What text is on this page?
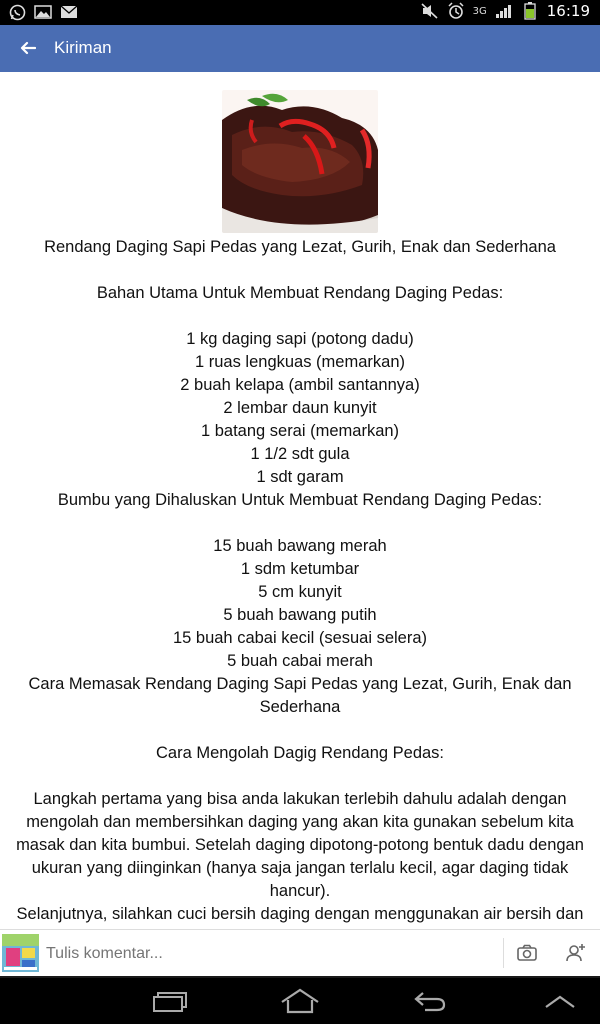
3G	16:19
Kiriman

Rendang Daging Sapi Pedas yang Lezat, Gurih, Enak dan Sederhana

Bahan Utama Untuk Membuat Rendang Daging Pedas:

1 kg daging sapi (potong dadu)

1 ruas lengkuas (memarkan)

2 buah kelapa (ambil santannya)

2 lembar daun kunyit

1 batang serai (memarkan)

1 1/2 sdt gula

1 sdt garam

Bumbu yang Dihaluskan Untuk Membuat Rendang Daging Pedas:

15 buah bawang merah

1 sdm ketumbar

5 cm kunyit

5 buah bawang putih

15 buah cabai kecil (sesuai selera)

5 buah cabai merah

Cara Memasak Rendang Daging Sapi Pedas yang Lezat, Gurih, Enak dan Sederhana

Cara Mengolah Dagig Rendang Pedas:

Langkah pertama yang bisa anda lakukan terlebih dahulu adalah dengan mengolah dan membersihkan daging yang akan kita gunakan sebelum kita masak dan kita bumbui. Setelah daging dipotong-potong bentuk dadu dengan ukuran yang diinginkan (hanya saja jangan terlalu kecil, agar daging tidak hancur).

Selanjutnya, silahkan cuci bersih daging dengan menggunakan air bersih dan

Tulis komentar...
